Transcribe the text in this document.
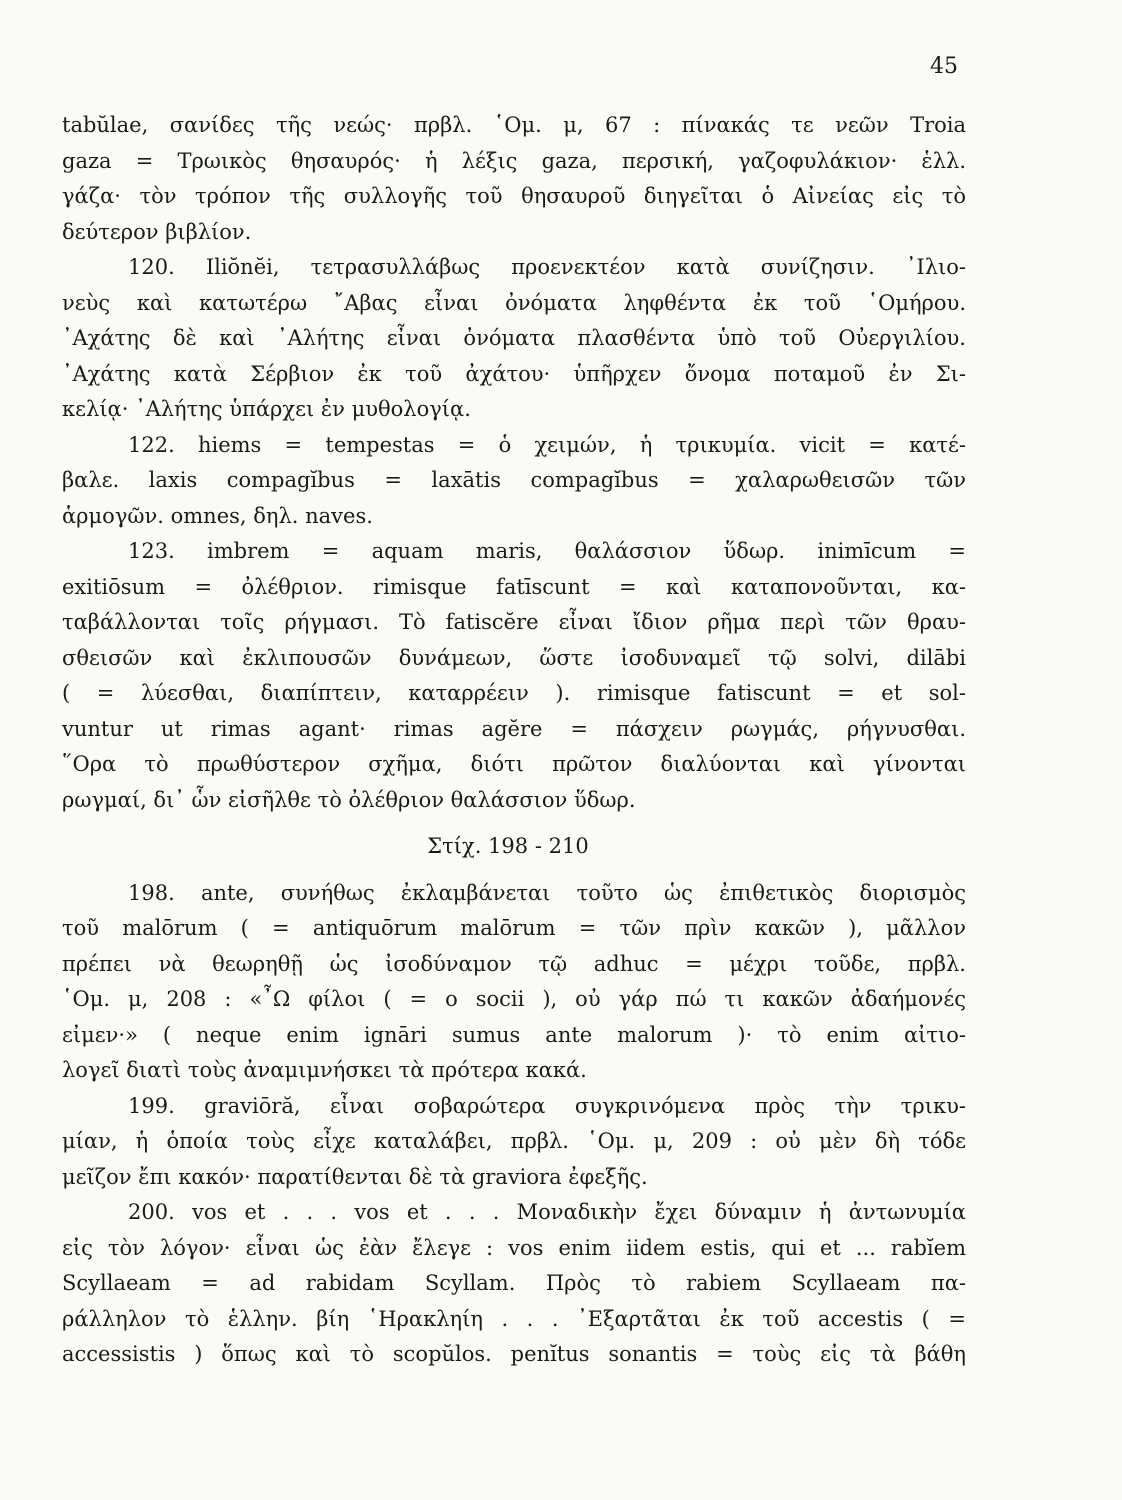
45
tabŭlae, σανίδες τῆς νεώς· πρβλ. ῾Ομ. μ, 67 : πίνακάς τε νεῶν Troia
gaza = Τρωικὸς θησαυρός· ἡ λέξις gaza, περσική, γαζοφυλάκιον· ἑλλ.
γάζα· τὸν τρόπον τῆς συλλογῆς τοῦ θησαυροῦ διηγεῖται ὁ Αἰνείας εἰς τὸ
δεύτερον βιβλίον.
120. Iliŏnĕi, τετρασυλλάβως προενεκτέον κατὰ συνίζησιν. ᾿Ιλιο-
νεὺς καὶ κατωτέρω ῎Αβας εἶναι ὀνόματα ληφθέντα ἐκ τοῦ ῾Ομήρου.
᾿Αχάτης δὲ καὶ ᾿Αλήτης εἶναι ὀνόματα πλασθέντα ὑπὸ τοῦ Οὐεργιλίου.
᾿Αχάτης κατὰ Σέρβιον ἐκ τοῦ ἀχάτου· ὑπῆρχεν ὄνομα ποταμοῦ ἐν Σι-
κελίᾳ· ᾿Αλήτης ὑπάρχει ἐν μυθολογίᾳ.
122. hiems = tempestas = ὁ χειμών, ἡ τρικυμία. vicit = κατέ-
βαλε. laxis compagĭbus = laxātis compagĭbus = χαλαρωθεισῶν τῶν
ἁρμογῶν. omnes, δηλ. naves.
123. imbrem = aquam maris, θαλάσσιον ὕδωρ. inimīcum =
exitiōsum = ὀλέθριον. rimisque fatīscunt = καὶ καταπονοῦνται, κα-
ταβάλλονται τοῖς ρήγμασι. Τὸ fatiscĕre εἶναι ἴδιον ρῆμα περὶ τῶν θραυ-
σθεισῶν καὶ ἐκλιπουσῶν δυνάμεων, ὥστε ἰσοδυναμεῖ τῷ solvi, dilābi
( = λύεσθαι, διαπίπτειν, καταρρέειν ). rimisque fatiscunt = et sol-
vuntur ut rimas agant· rimas agĕre = πάσχειν ρωγμάς, ρήγνυσθαι.
῞Ορα τὸ πρωθύστερον σχῆμα, διότι πρῶτον διαλύονται καὶ γίνονται
ρωγμαί, δι᾿ ὧν εἰσῆλθε τὸ ὀλέθριον θαλάσσιον ὕδωρ.
Στίχ. 198 - 210
198. ante, συνήθως ἐκλαμβάνεται τοῦτο ὡς ἐπιθετικὸς διορισμὸς
τοῦ malōrum ( = antiquōrum malōrum = τῶν πρὶν κακῶν ), μᾶλλον
πρέπει νὰ θεωρηθῇ ὡς ἰσοδύναμον τῷ adhuc = μέχρι τοῦδε, πρβλ.
῾Ομ. μ, 208 : «῏Ω φίλοι ( = o socii ), οὐ γάρ πώ τι κακῶν ἀδαήμονές
εἰμεν·» ( neque enim ignāri sumus ante malorum )· τὸ enim αἰτιο-
λογεῖ διατὶ τοὺς ἀναμιμνήσκει τὰ πρότερα κακά.
199. graviōră, εἶναι σοβαρώτερα συγκρινόμενα πρὸς τὴν τρικυ-
μίαν, ἡ ὁποία τοὺς εἶχε καταλάβει, πρβλ. ῾Ομ. μ, 209 : οὐ μὲν δὴ τόδε
μεῖζον ἔπι κακόν· παρατίθενται δὲ τὰ graviora ἐφεξῆς.
200. vos et . . . vos et . . . Μοναδικὴν ἔχει δύναμιν ἡ ἀντωνυμία
εἰς τὸν λόγον· εἶναι ὡς ἐὰν ἔλεγε : vos enim iidem estis, qui et ... rabĭem
Scyllaeam = ad rabidam Scyllam. Πρὸς τὸ rabiem Scyllaeam πα-
ράλληλον τὸ ἑλλην. βίη ῾Ηρακληίη . . . ᾿Εξαρτᾶται ἐκ τοῦ accestis ( =
accessistis ) ὅπως καὶ τὸ scopŭlos. penĭtus sonantis = τοὺς εἰς τὰ βάθη
